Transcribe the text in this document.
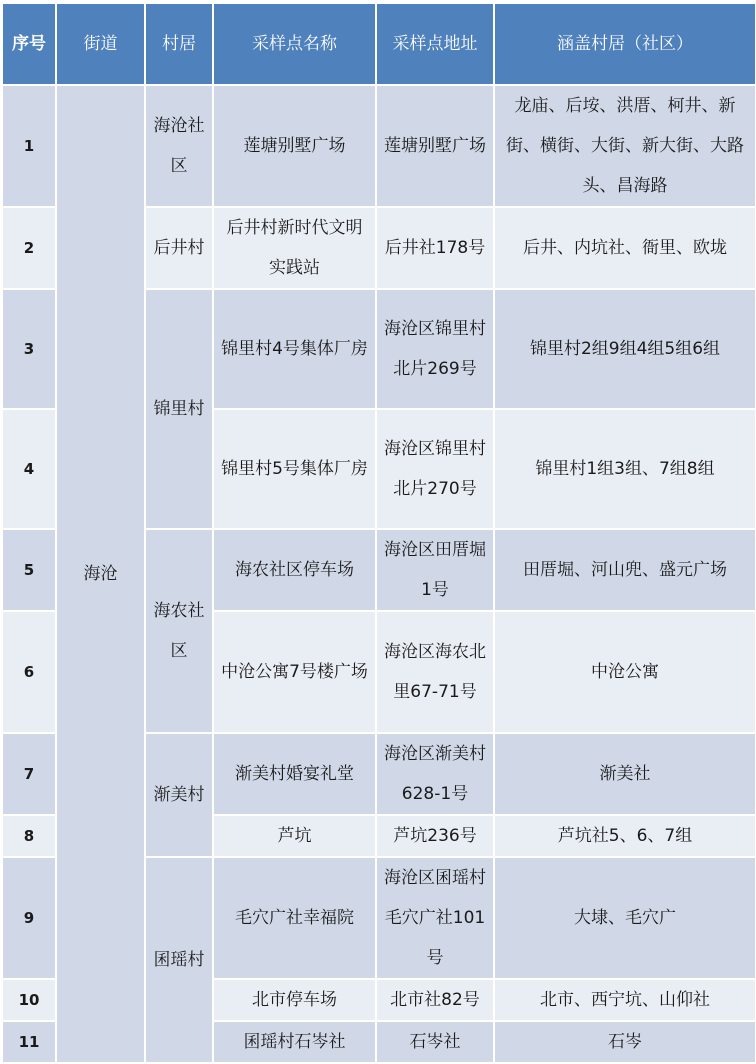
序号	街道	村居	采样点名称	采样点地址	涵盖村居（社区）
1	海沧	海沧社区	莲塘别墅广场	莲塘别墅广场	龙庙、后垵、洪厝、柯井、新街、横街、大街、新大街、大路头、昌海路
2		后井村	后井村新时代文明实践站	后井社178号	后井、内坑社、衙里、欧垅
3		锦里村	锦里村4号集体厂房	海沧区锦里村北片269号	锦里村2组9组4组5组6组
4			锦里村5号集体厂房	海沧区锦里村北片270号	锦里村1组3组、7组8组
5		海农社区	海农社区停车场	海沧区田厝堀1号	田厝堀、河山兜、盛元广场
6			中沧公寓7号楼广场	海沧区海农北里67-71号	中沧公寓
7		渐美村	渐美村婚宴礼堂	海沧区渐美村628-1号	渐美社
8			芦坑	芦坑236号	芦坑社5、6、7组
9		囷瑶村	毛穴广社幸福院	海沧区囷瑶村毛穴广社101号	大埭、毛穴广
10			北市停车场	北市社82号	北市、西宁坑、山仰社
11			囷瑶村石岑社	石岑社	石岑
